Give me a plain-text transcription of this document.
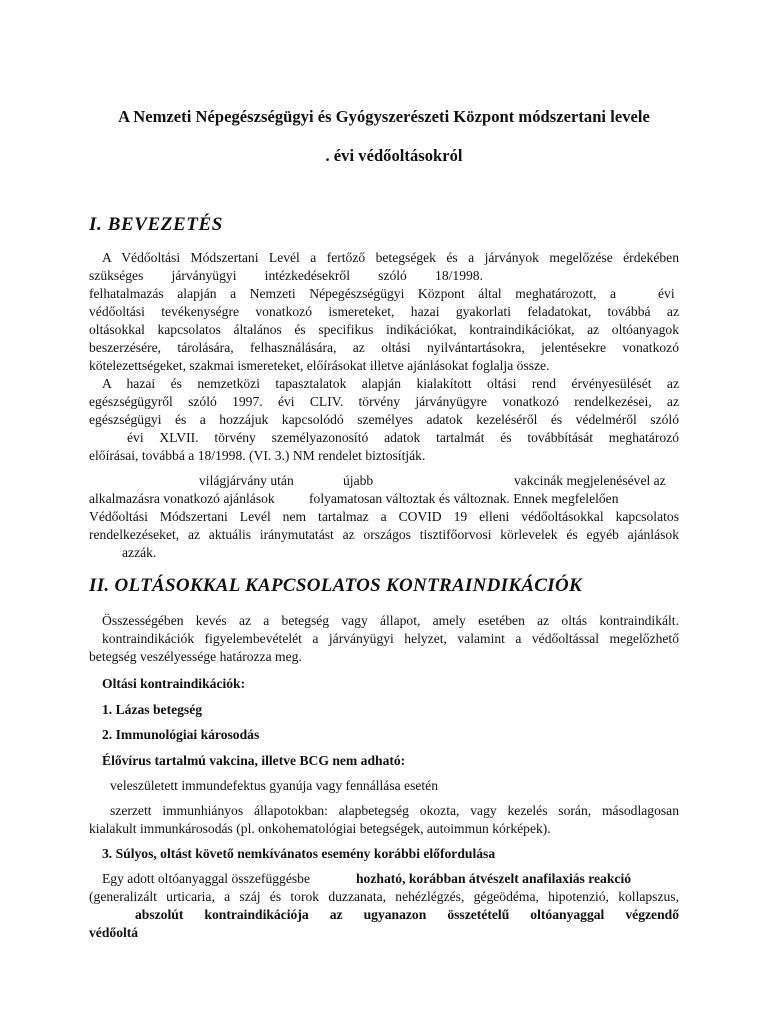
A Nemzeti Népegészségügyi és Gyógyszerészeti Központ módszertani levele
. évi védőoltásokról
I. BEVEZETÉS
A Védőoltási Módszertani Levél a fertőző betegségek és a járványok megelőzése érdekében
szükséges járványügyi intézkedésekről szóló 18/1998.
felhatalmazás alapján a Nemzeti Népegészségügyi Központ által meghatározott, a	évi
védőoltási tevékenységre vonatkozó ismereteket, hazai gyakorlati feladatokat, továbbá az
oltásokkal kapcsolatos általános és specifikus indikációkat, kontraindikációkat, az oltóanyagok
beszerzésére, tárolására, felhasználására, az oltási nyilvántartásokra, jelentésekre vonatkozó
kötelezettségeket, szakmai ismereteket, előírásokat illetve ajánlásokat foglalja össze.
A hazai és nemzetközi tapasztalatok alapján kialakított oltási rend érvényesülését az
egészségügyről szóló 1997. évi CLIV. törvény járványügyre vonatkozó rendelkezései, az
egészségügyi és a hozzájuk kapcsolódó személyes adatok kezeléséről és védelméről szóló
évi XLVII. törvény személyazonosító adatok tartalmát és továbbítását meghatározó
előírásai, továbbá a 18/1998. (VI. 3.) NM rendelet biztosítják.
világjárvány után	újabb	vakcinák megjelenésével az
alkalmazásra vonatkozó ajánlások	folyamatosan változtak és változnak. Ennek megfelelően
Védőoltási Módszertani Levél nem tartalmaz a COVID 19 elleni védőoltásokkal kapcsolatos
rendelkezéseket, az aktuális iránymutatást az országos tisztifőorvosi körlevelek és egyéb ajánlások
azzák.
II. OLTÁSOKKAL KAPCSOLATOS KONTRAINDIKÁCIÓK
Összességében kevés az a betegség vagy állapot, amely esetében az oltás kontraindikált.
kontraindikációk figyelembevételét a járványügyi helyzet, valamint a védőoltással megelőzhető
betegség veszélyessége határozza meg.
Oltási kontraindikációk:
1. Lázas betegség
2. Immunológiai károsodás
Élővírus tartalmú vakcina, illetve BCG nem adható:
veleszületett immundefektus gyanúja vagy fennállása esetén
szerzett immunhiányos állapotokban: alapbetegség okozta, vagy kezelés során, másodlagosan
kialakult immunkárosodás (pl. onkohematológiai betegségek, autoimmun kórképek).
3. Súlyos, oltást követő nemkívánatos esemény korábbi előfordulása
Egy adott oltóanyaggal összefüggésbe	hozható, korábban átvészelt anafilaxiás reakció
(generalizált urticaria, a száj és torok duzzanata, nehézlégzés, gégeödéma, hipotenzió, kollapszus,
abszolút kontraindikációja az ugyanazon összetételű oltóanyaggal végzendő
védőoltá
